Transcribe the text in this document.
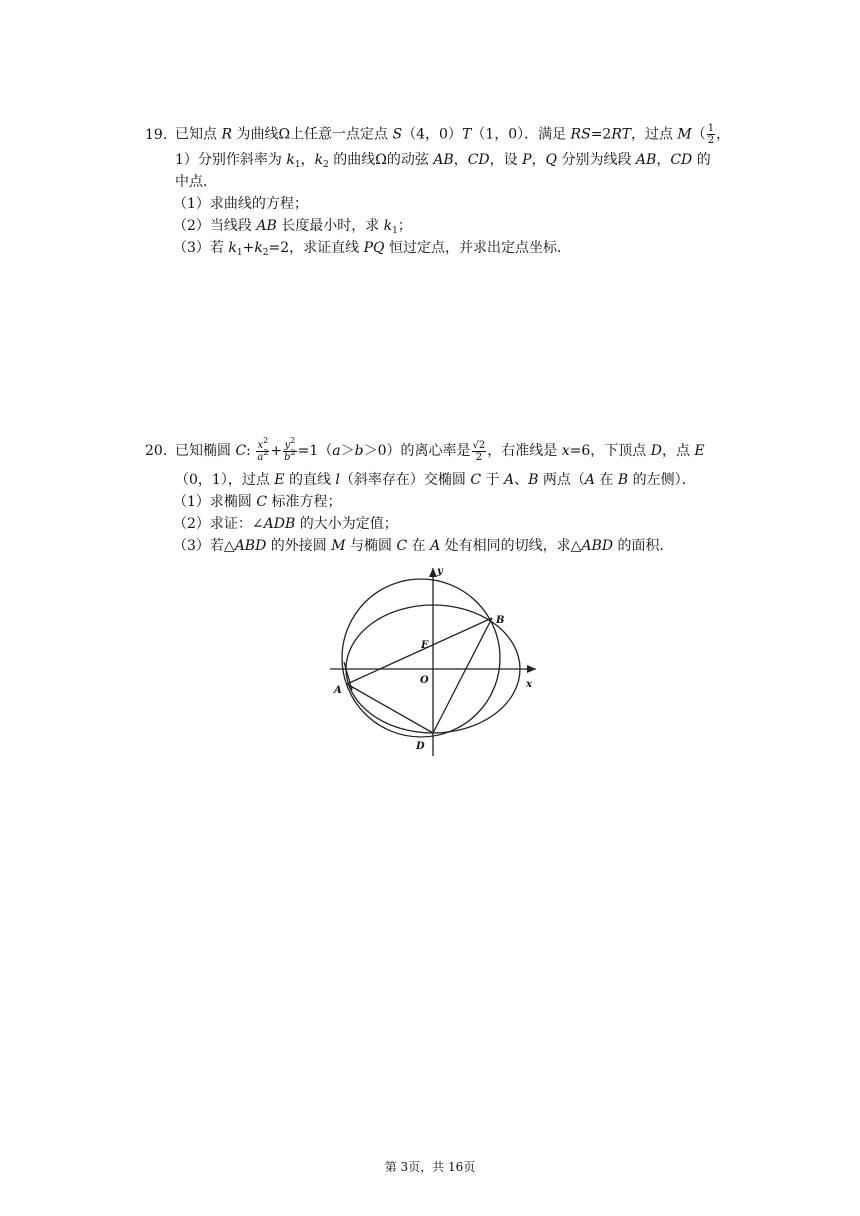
19. 已知点 R 为曲线Ω上任意一点定点 S（4，0）T（1，0）．满足 RS=2RT，过点 $M( \frac{1}{2}$ ，
1）分别作斜率为 $k_1$，$k_2$ 的曲线Ω的动弦 AB，CD，设 P，Q 分别为线段 AB，CD 的
中点．
（1）求曲线的方程；
（2）当线段 AB 长度最小时，求 $k_1$；
（3）若 $k_1+k_2=2$，求证直线 PQ 恒过定点，并求出定点坐标．
20. 已知椭圆 C: $\frac{x^2}{a^2} + \frac{y^2}{b^2} =1(a>b>0)$的离心率是 $\frac{√2}{2}$ ，右准线是 x=6，下顶点 D，点 E
（0，1），过点 E 的直线 l（斜率存在）交椭圆 C 于 A、B 两点（A 在 B 的左侧）．
（1）求椭圆 C 标准方程；
（2）求证：∠ADB 的大小为定值；
（3）若△ABD 的外接圆 M 与椭圆 C 在 A 处有相同的切线，求△ABD 的面积．
y
x
B
E
O
A
D
第 3页，共 16页
